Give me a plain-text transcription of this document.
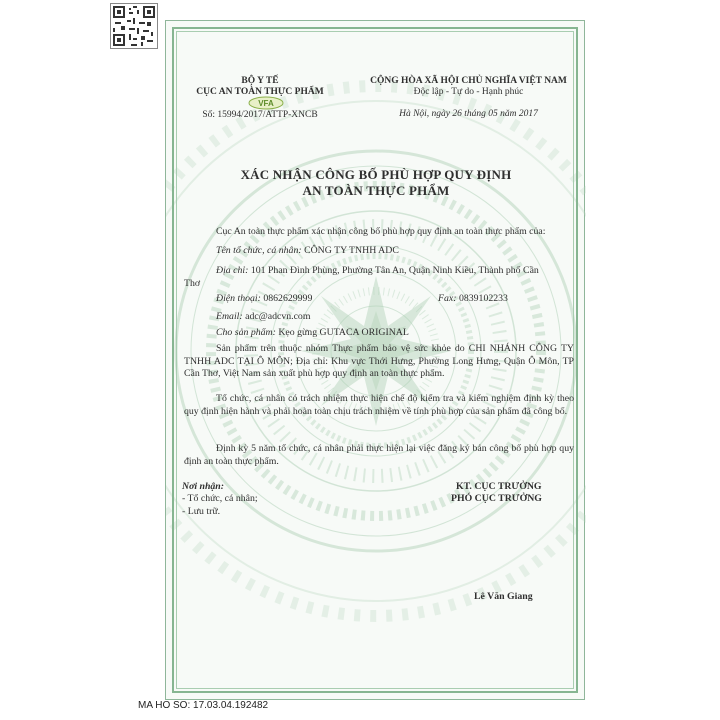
BỘ Y TẾ
CỤC AN TOÀN THỰC PHẨM
Số: 15994/2017/ATTP-XNCB
VFA
CỘNG HÒA XÃ HỘI CHỦ NGHĨA VIỆT NAM
Độc lập - Tự do - Hạnh phúc
Hà Nội, ngày 26 tháng 05 năm 2017
XÁC NHẬN CÔNG BỐ PHÙ HỢP QUY ĐỊNH
AN TOÀN THỰC PHẨM
Cục An toàn thực phẩm xác nhận công bố phù hợp quy định an toàn thực phẩm của:
Tên tổ chức, cá nhân: CÔNG TY TNHH ADC
Địa chỉ: 101 Phan Đình Phùng, Phường Tân An, Quận Ninh Kiều, Thành phố Cần
Thơ
Điện thoại: 0862629999	Fax: 0839102233
Email: adc@adcvn.com
Cho sản phẩm: Kẹo gừng GUTACA ORIGINAL
Sản phẩm trên thuộc nhóm Thực phẩm bảo vệ sức khỏe do CHI NHÁNH CÔNG TY TNHH ADC TẠI Ô MÔN; Địa chỉ: Khu vực Thới Hưng, Phường Long Hưng, Quận Ô Môn, TP Cần Thơ, Việt Nam sản xuất phù hợp quy định an toàn thực phẩm.
Tổ chức, cá nhân có trách nhiệm thực hiện chế độ kiểm tra và kiểm nghiệm định kỳ theo quy định hiện hành và phải hoàn toàn chịu trách nhiệm về tính phù hợp của sản phẩm đã công bố.
Định kỳ 5 năm tổ chức, cá nhân phải thực hiện lại việc đăng ký bản công bố phù hợp quy định an toàn thực phẩm.
Nơi nhận:
- Tổ chức, cá nhân;
- Lưu trữ.
KT. CỤC TRƯỞNG
PHÓ CỤC TRƯỞNG
Lê Văn Giang
MA HO SO: 17.03.04.192482
